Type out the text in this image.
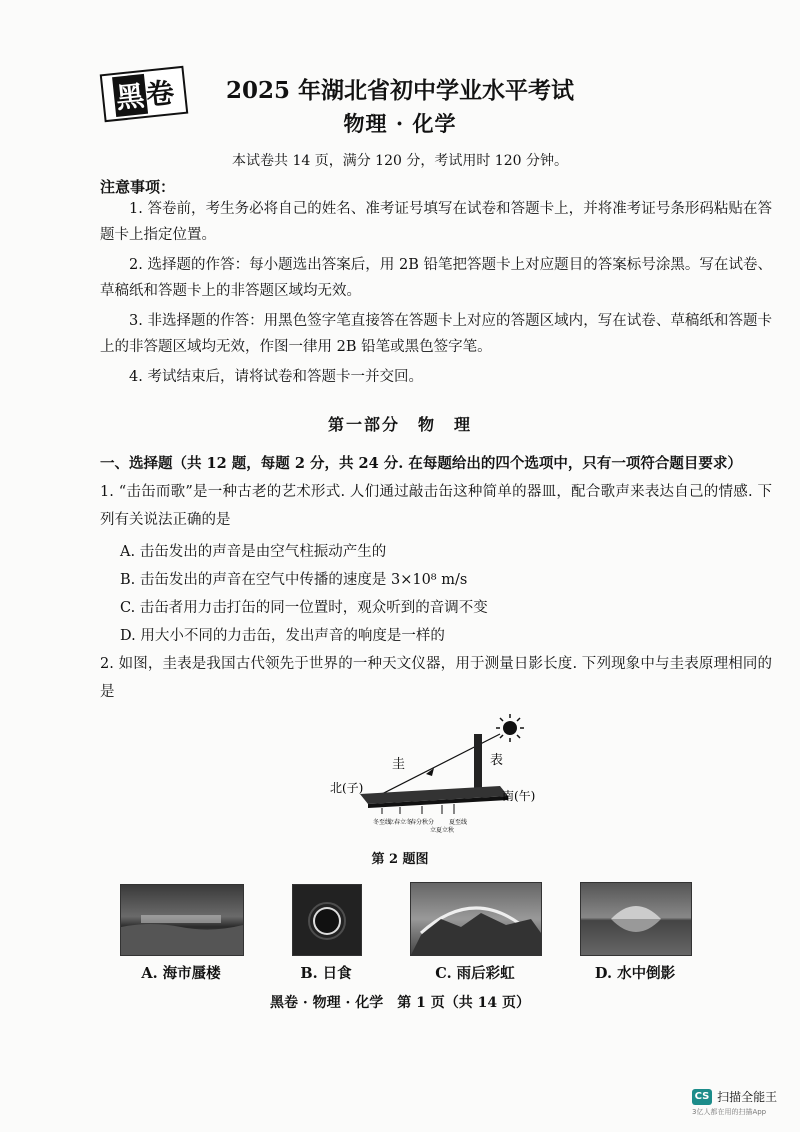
黑
卷	2025 年湖北省初中学业水平考试
物理 · 化学
本试卷共 14 页，满分 120 分，考试用时 120 分钟。
注意事项：
1. 答卷前，考生务必将自己的姓名、准考证号填写在试卷和答题卡上，并将准考证号条形码粘贴在答题卡上指定位置。
2. 选择题的作答：每小题选出答案后，用 2B 铅笔把答题卡上对应题目的答案标号涂黑。写在试卷、草稿纸和答题卡上的非答题区域均无效。
3. 非选择题的作答：用黑色签字笔直接答在答题卡上对应的答题区域内，写在试卷、草稿纸和答题卡上的非答题区域均无效，作图一律用 2B 铅笔或黑色签字笔。
4. 考试结束后，请将试卷和答题卡一并交回。
第一部分　物　理
一、选择题（共 12 题，每题 2 分，共 24 分. 在每题给出的四个选项中，只有一项符合题目要求）
1. “击缶而歌”是一种古老的艺术形式. 人们通过敲击缶这种简单的器皿，配合歌声来表达自己的情感. 下列有关说法正确的是
A. 击缶发出的声音是由空气柱振动产生的
B. 击缶发出的声音在空气中传播的速度是 3×10⁸ m/s
C. 击缶者用力击打缶的同一位置时，观众听到的音调不变
D. 用大小不同的力击缶，发出声音的响度是一样的
2. 如图，圭表是我国古代领先于世界的一种天文仪器，用于测量日影长度. 下列现象中与圭表原理相同的是
冬至线
立春立冬
春分秋分
立夏立秋
夏至线
圭	表
北(子)
南(午)
第 2 题图
A. 海市蜃楼	B. 日食	C. 雨后彩虹	D. 水中倒影
黑卷 · 物理 · 化学　第 1 页（共 14 页）
CS 扫描全能王
3亿人都在用的扫描App
